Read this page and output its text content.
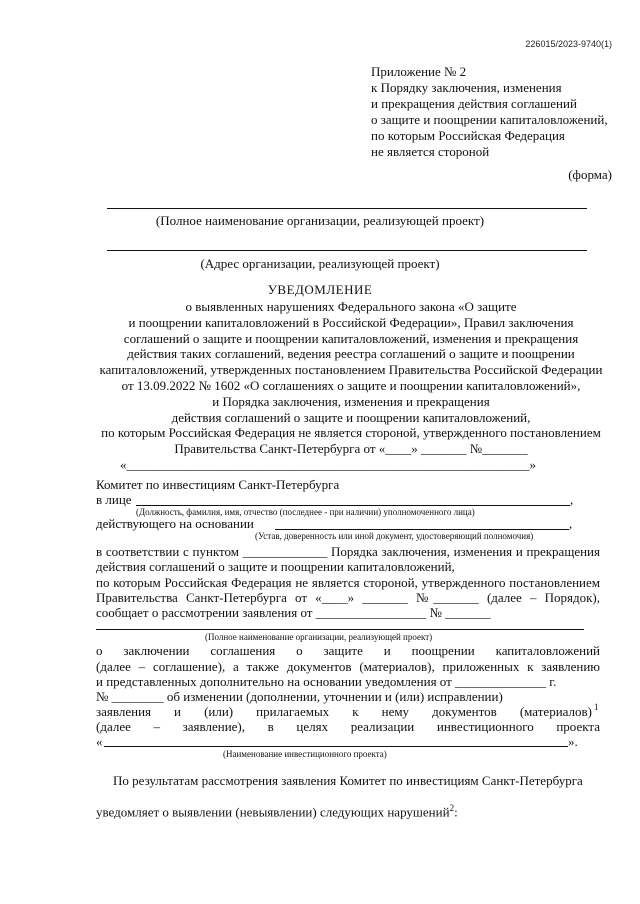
226015/2023-9740(1)
Приложение № 2
к Порядку заключения, изменения
и прекращения действия соглашений
о защите и поощрении капиталовложений,
по которым Российская Федерация
не является стороной
(форма)
(Полное наименование организации, реализующей проект)
(Адрес организации, реализующей проект)
УВЕДОМЛЕНИЕ
о выявленных нарушениях Федерального закона «О защите
и поощрении капиталовложений в Российской Федерации», Правил заключения
соглашений о защите и поощрении капиталовложений, изменения и прекращения
действия таких соглашений, ведения реестра соглашений о защите и поощрении
капиталовложений, утвержденных постановлением Правительства Российской Федерации
от 13.09.2022 № 1602 «О соглашениях о защите и поощрении капиталовложений»,
и Порядка заключения, изменения и прекращения
действия соглашений о защите и поощрении капиталовложений,
по которым Российская Федерация не является стороной, утвержденного постановлением
Правительства Санкт-Петербурга от «____» _______ №_______
«______________________________________________________________»
Комитет по инвестициям Санкт-Петербурга
в лице	,
(Должность, фамилия, имя, отчество (последнее - при наличии) уполномоченного лица)
действующего на основании	,
(Устав, доверенность или иной документ, удостоверяющий полномочия)
в соответствии с пунктом _____________ Порядка заключения, изменения и прекращения
действия соглашений о защите и поощрении капиталовложений,
по которым Российская Федерация не является стороной, утвержденного постановлением
Правительства Санкт-Петербурга от «____» _______ №_______ (далее – Порядок),
сообщает о рассмотрении заявления от _________________ № _______
(Полное наименование организации, реализующей проект)
о заключении соглашения о защите и поощрении капиталовложений
(далее – соглашение), а также документов (материалов), приложенных к заявлению
и представленных дополнительно на основании уведомления от ______________ г.
№ ________ об изменении (дополнении, уточнении и (или) исправлении)
заявления и (или) прилагаемых к нему документов (материалов) 1
(далее – заявление), в целях реализации инвестиционного проекта
«	».
(Наименование инвестиционного проекта)
По результатам рассмотрения заявления Комитет по инвестициям Санкт-Петербурга
уведомляет о выявлении (невыявлении) следующих нарушений$^2$:
